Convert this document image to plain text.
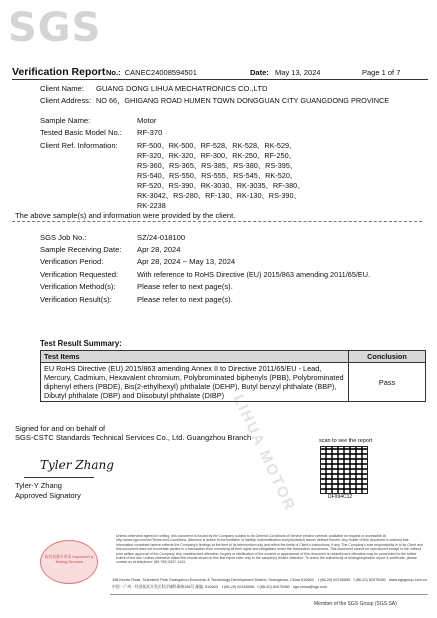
SGS
Verification Report No.: CANEC24008594501	Date: May 13, 2024	Page 1 of 7
Client Name: GUANG DONG LIHUA MECHATRONICS CO.,LTD
Client Address: NO 66，GHIGANG ROAD HUMEN TOWN DONGGUAN CITY GUANGDONG PROVINCE
Sample Name:	Motor
Tested Basic Model No.: RF-370
Client Ref. Information:	RF-500、RK-500、RF-528、RK-528、RK-529、
RF-320、RK-320、RF-300、RK-250、RF-250、
RS-360、RS-365、RS-385、RS-380、RS-395、
RS-540、RS-550、RS-555、RS-545、RK-520、
RF-520、RS-390、RK-3030、RK-3035、RF-380、
RK-3042、RS-280、RF-130、RK-130、RS-390、
RK-2238
The above sample(s) and information were provided by the client.
SGS Job No.:	SZ/24-018100
Sample Receiving Date: Apr 28, 2024
Verification Period:	Apr 28, 2024 ~ May 13, 2024
Verification Requested:	With reference to RoHS Directive (EU) 2015/863 amending 2011/65/EU.
Verification Method(s):	Please refer to next page(s).
Verification Result(s):	Please refer to next page(s).
Test Result Summary:
Test Items	Conclusion
EU RoHS Directive (EU) 2015/863 amending Annex II to Directive 2011/65/EU - Lead, Mercury, Cadmium, Hexavalent chromium, Polybrominated biphenyls (PBB), Polybrominated diphenyl ethers (PBDE), Bis(2-ethylhexyl) phthalate (DEHP), Butyl benzyl phthalate (BBP), Dibutyl phthalate (DBP) and Diisobutyl phthalate (DIBP)	Pass
LIHUA MOTOR
Signed for and on behalf of
SGS-CSTC Standards Technical Services Co., Ltd. Guangzhou Branch
Tyler Zhang
Tyler-Y Zhang
Approved Signatory
scan to see the report
DF994C12
检验检测专用章 Inspection & Testing Services
Unless otherwise agreed in writing, this document is issued by the Company subject to its General Conditions of Service printed overleaf, available on request or accessible at http://www.sgs.com/en/Terms-and-Conditions. Attention is drawn to the limitation of liability, indemnification and jurisdiction issues defined therein. Any holder of this document is advised that information contained hereon reflects the Company's findings at the time of its intervention only and within the limits of Client's instructions, if any. The Company's sole responsibility is to its Client and this document does not exonerate parties to a transaction from exercising all their rights and obligations under the transaction documents. This document cannot be reproduced except in full, without prior written approval of the Company. Any unauthorized alteration, forgery or falsification of the content or appearance of this document is unlawful and offenders may be prosecuted to the fullest extent of the law. Unless otherwise stated the results shown in this test report refer only to the sample(s) tested. Attention: To check the authenticity of testing/inspection report & certificate, please contact us at telephone: (86-755) 8307 1443.
198 Kezhu Road, Scientech Park Guangzhou Economic & Technology Development District, Guangzhou, China 510663 t (86-20) 82155555 f (86-20) 82075080 www.sgsgroup.com.cn
中国・广州・经济技术开发区科学城科珠路198号 邮编: 510663 t (86-20) 82155555 f (86-20) 82075080 sgs.china@sgs.com
Member of the SGS Group (SGS SA)
